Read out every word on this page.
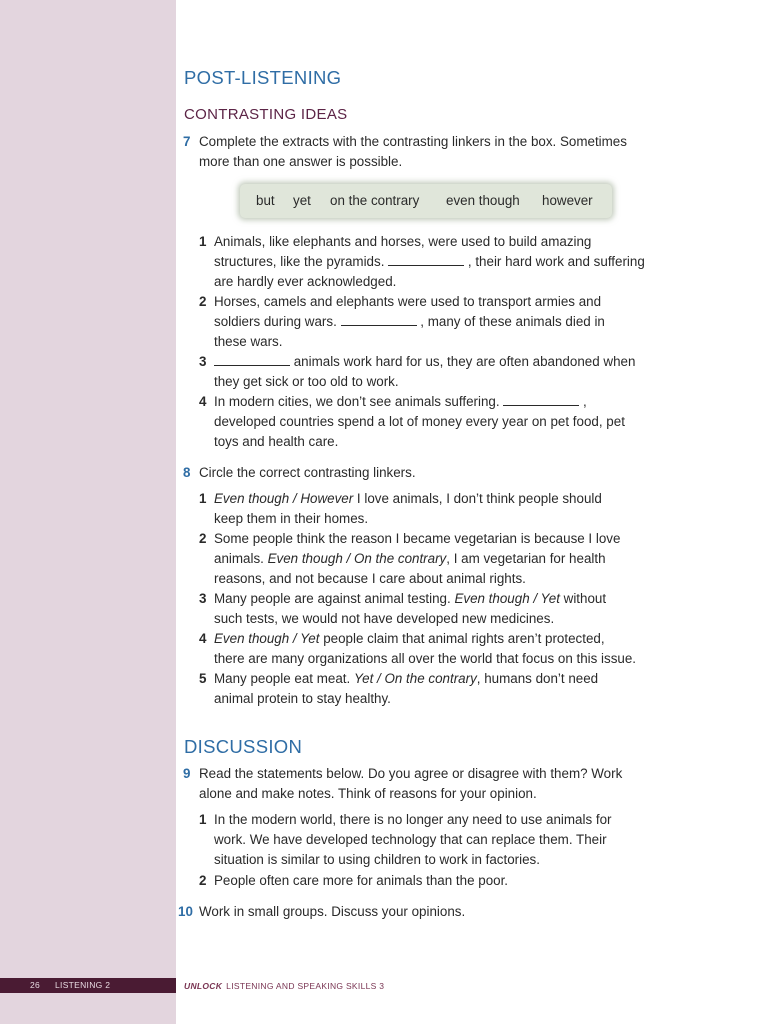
26 LISTENING 2	UNLOCK LISTENING AND SPEAKING SKILLS 3
POST-LISTENING
CONTRASTING IDEAS
7 Complete the extracts with the contrasting linkers in the box. Sometimes
more than one answer is possible.
but yet on the contrary even though however
1 Animals, like elephants and horses, were used to build amazing
structures, like the pyramids.	, their hard work and suffering
are hardly ever acknowledged.
2 Horses, camels and elephants were used to transport armies and
soldiers during wars.	, many of these animals died in
these wars.
3	animals work hard for us, they are often abandoned when
they get sick or too old to work.
4 In modern cities, we don’t see animals suffering.	,
developed countries spend a lot of money every year on pet food, pet
toys and health care.
8 Circle the correct contrasting linkers.
1 Even though / However I love animals, I don’t think people should
keep them in their homes.
2 Some people think the reason I became vegetarian is because I love
animals. Even though / On the contrary, I am vegetarian for health
reasons, and not because I care about animal rights.
3 Many people are against animal testing. Even though / Yet without
such tests, we would not have developed new medicines.
4 Even though / Yet people claim that animal rights aren’t protected,
there are many organizations all over the world that focus on this issue.
5 Many people eat meat. Yet / On the contrary, humans don’t need
animal protein to stay healthy.
DISCUSSION
9 Read the statements below. Do you agree or disagree with them? Work
alone and make notes. Think of reasons for your opinion.
1 In the modern world, there is no longer any need to use animals for
work. We have developed technology that can replace them. Their
situation is similar to using children to work in factories.
2 People often care more for animals than the poor.
10 Work in small groups. Discuss your opinions.
